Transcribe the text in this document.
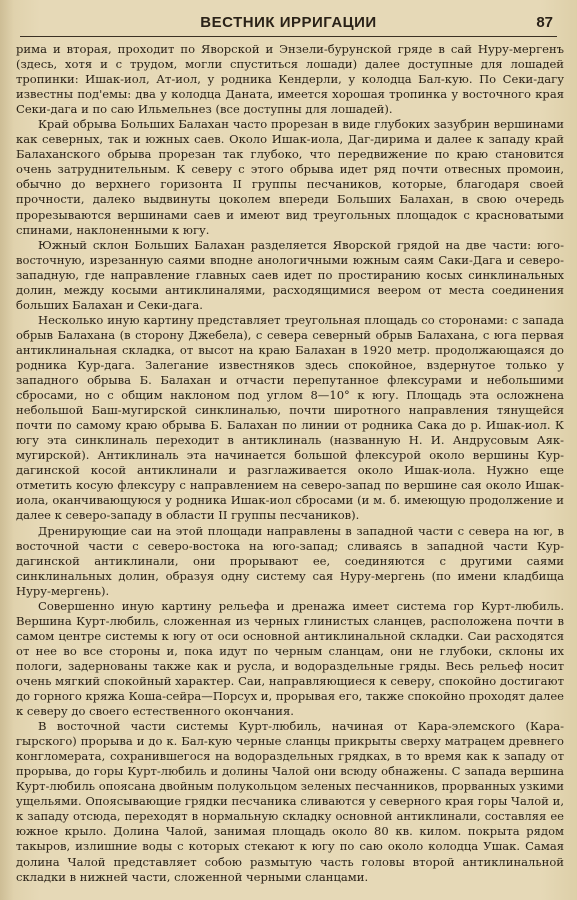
ВЕСТНИК ИРРИГАЦИИ	87

рима и вторая, проходит по Яворской и Энзели-бурунской гряде в сай Нуру-мергенъ (здесь, хотя и с трудом, могли спуститься лошади) далее доступные для лошадей тропинки: Ишак-иол, Ат-иол, у родника Кендерли, у колодца Бал-кую. По Секи-дагу известны под'емы: два у колодца Даната, имеется хорошая тропинка у восточного края Секи-дага и по саю Ильмельнез (все доступны для лошадей).

Край обрыва Больших Балахан часто прорезан в виде глубоких зазубрин вершинами как северных, так и южных саев. Около Ишак-иола, Даг-дирима и далее к западу край Балаханского обрыва прорезан так глубоко, что передвижение по краю становится очень затруднительным. К северу с этого обрыва идет ряд почти отвесных промоин, обычно до верхнего горизонта II группы песчаников, которые, благодаря своей прочности, далеко выдвинуты цоколем впереди Больших Балахан, в свою очередь прорезываются вершинами саев и имеют вид треугольных площадок с красноватыми спинами, наклоненными к югу.

Южный склон Больших Балахан разделяется Яворской грядой на две части: юго-восточную, изрезанную саями вподне анологичными южным саям Саки-Дага и северо-западную, где направление главных саев идет по простиранию косых синклинальных долин, между косыми антиклиналями, расходящимися веером от места соединения больших Балахан и Секи-дага.

Несколько иную картину представляет треугольная площадь со сторонами: с запада обрыв Балахана (в сторону Джебела), с севера северный обрыв Балахана, с юга первая антиклинальная складка, от высот на краю Балахан в 1920 метр. продолжающаяся до родника Кур-дага. Залегание известняков здесь спокойное, вздернутое только у западного обрыва Б. Балахан и отчасти перепутанное флексурами и небольшими сбросами, но с общим наклоном под углом 8—10° к югу. Площадь эта осложнена небольшой Баш-мугирской синклиналью, почти широтного направления тянущейся почти по самому краю обрыва Б. Балахан по линии от родника Сака до р. Ишак-иол. К югу эта синклиналь переходит в антиклиналь (названную Н. И. Андрусовым Аяк-мугирской). Антиклиналь эта начинается большой флексурой около вершины Кур-дагинской косой антиклинали и разглаживается около Ишак-иола. Нужно еще отметить косую флексуру с направлением на северо-запад по вершине сая около Ишак-иола, оканчивающуюся у родника Ишак-иол сбросами (и м. б. имеющую продолжение и далее к северо-западу в области II группы песчаников).

Дренирующие саи на этой площади направлены в западной части с севера на юг, в восточной части с северо-востока на юго-запад; сливаясь в западной части Кур-дагинской антиклинали, они прорывают ее, соединяются с другими саями синклинальных долин, образуя одну систему сая Нуру-мергень (по имени кладбища Нуру-мергень).

Совершенно иную картину рельефа и дренажа имеет система гор Курт-любиль. Вершина Курт-любиль, сложенная из черных глинистых сланцев, расположена почти в самом центре системы к югу от оси основной антиклинальной складки. Саи расходятся от нее во все стороны и, пока идут по черным сланцам, они не глубоки, склоны их пологи, задернованы также как и русла, и водораздельные гряды. Весь рельеф носит очень мягкий спокойный характер. Саи, направляющиеся к северу, спокойно достигают до горного кряжа Коша-сейра—Порсух и, прорывая его, также спокойно проходят далее к северу до своего естественного окончания.

В восточной части системы Курт-любиль, начиная от Кара-элемского (Кара-гырского) прорыва и до к. Бал-кую черные сланцы прикрыты сверху матрацем древнего конгломерата, сохранившегося на водораздельных грядках, в то время как к западу от прорыва, до горы Курт-любиль и долины Чалой они всюду обнажены. С запада вершина Курт-любиль опоясана двойным полукольцом зеленых песчанников, прорванных узкими ущельями. Опоясывающие грядки песчаника сливаются у северного края горы Чалой и, к западу отсюда, переходят в нормальную складку основной антиклинали, составляя ее южное крыло. Долина Чалой, занимая площадь около 80 кв. килом. покрыта рядом такыров, излишние воды с которых стекают к югу по саю около колодца Ушак. Самая долина Чалой представляет собою размытую часть головы второй антиклинальной складки в нижней части, сложенной черными сланцами.
